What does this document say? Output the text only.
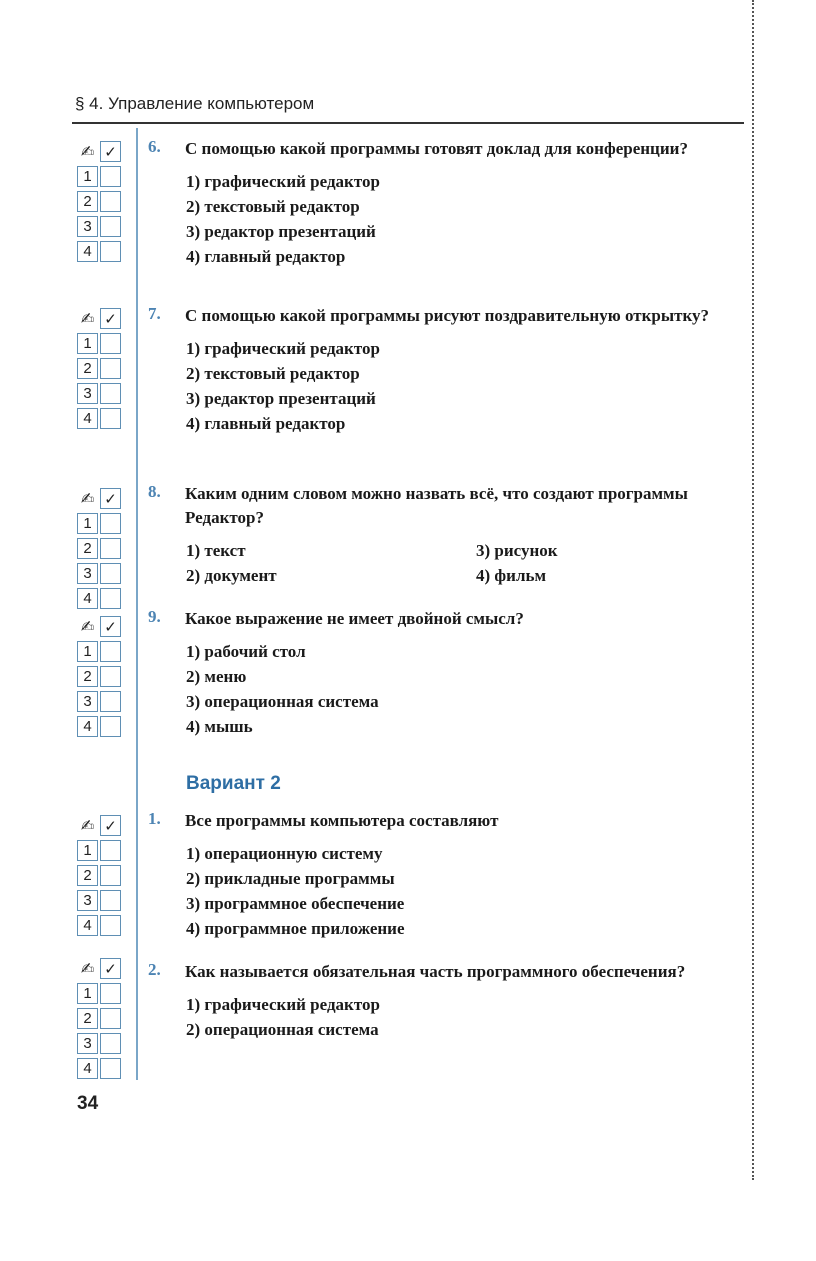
§ 4. Управление компьютером
✍ ✓
1
2
3
4
✍ ✓
1
2
3
4
✍ ✓
1
2
3
4
✍ ✓
1
2
3
4
✍ ✓
1
2
3
4
✍ ✓
1
2
3
4
6. С помощью какой программы готовят доклад для конференции?
1) графический редактор
2) текстовый редактор
3) редактор презентаций
4) главный редактор
7. С помощью какой программы рисуют поздравительную открытку?
1) графический редактор
2) текстовый редактор
3) редактор презентаций
4) главный редактор
8. Каким одним словом можно назвать всё, что создают программы Редактор?
1) текст	3) рисунок
2) документ	4) фильм
9. Какое выражение не имеет двойной смысл?
1) рабочий стол
2) меню
3) операционная система
4) мышь
Вариант 2
1. Все программы компьютера составляют
1) операционную систему
2) прикладные программы
3) программное обеспечение
4) программное приложение
2. Как называется обязательная часть программного обеспечения?
1) графический редактор
2) операционная система
34
